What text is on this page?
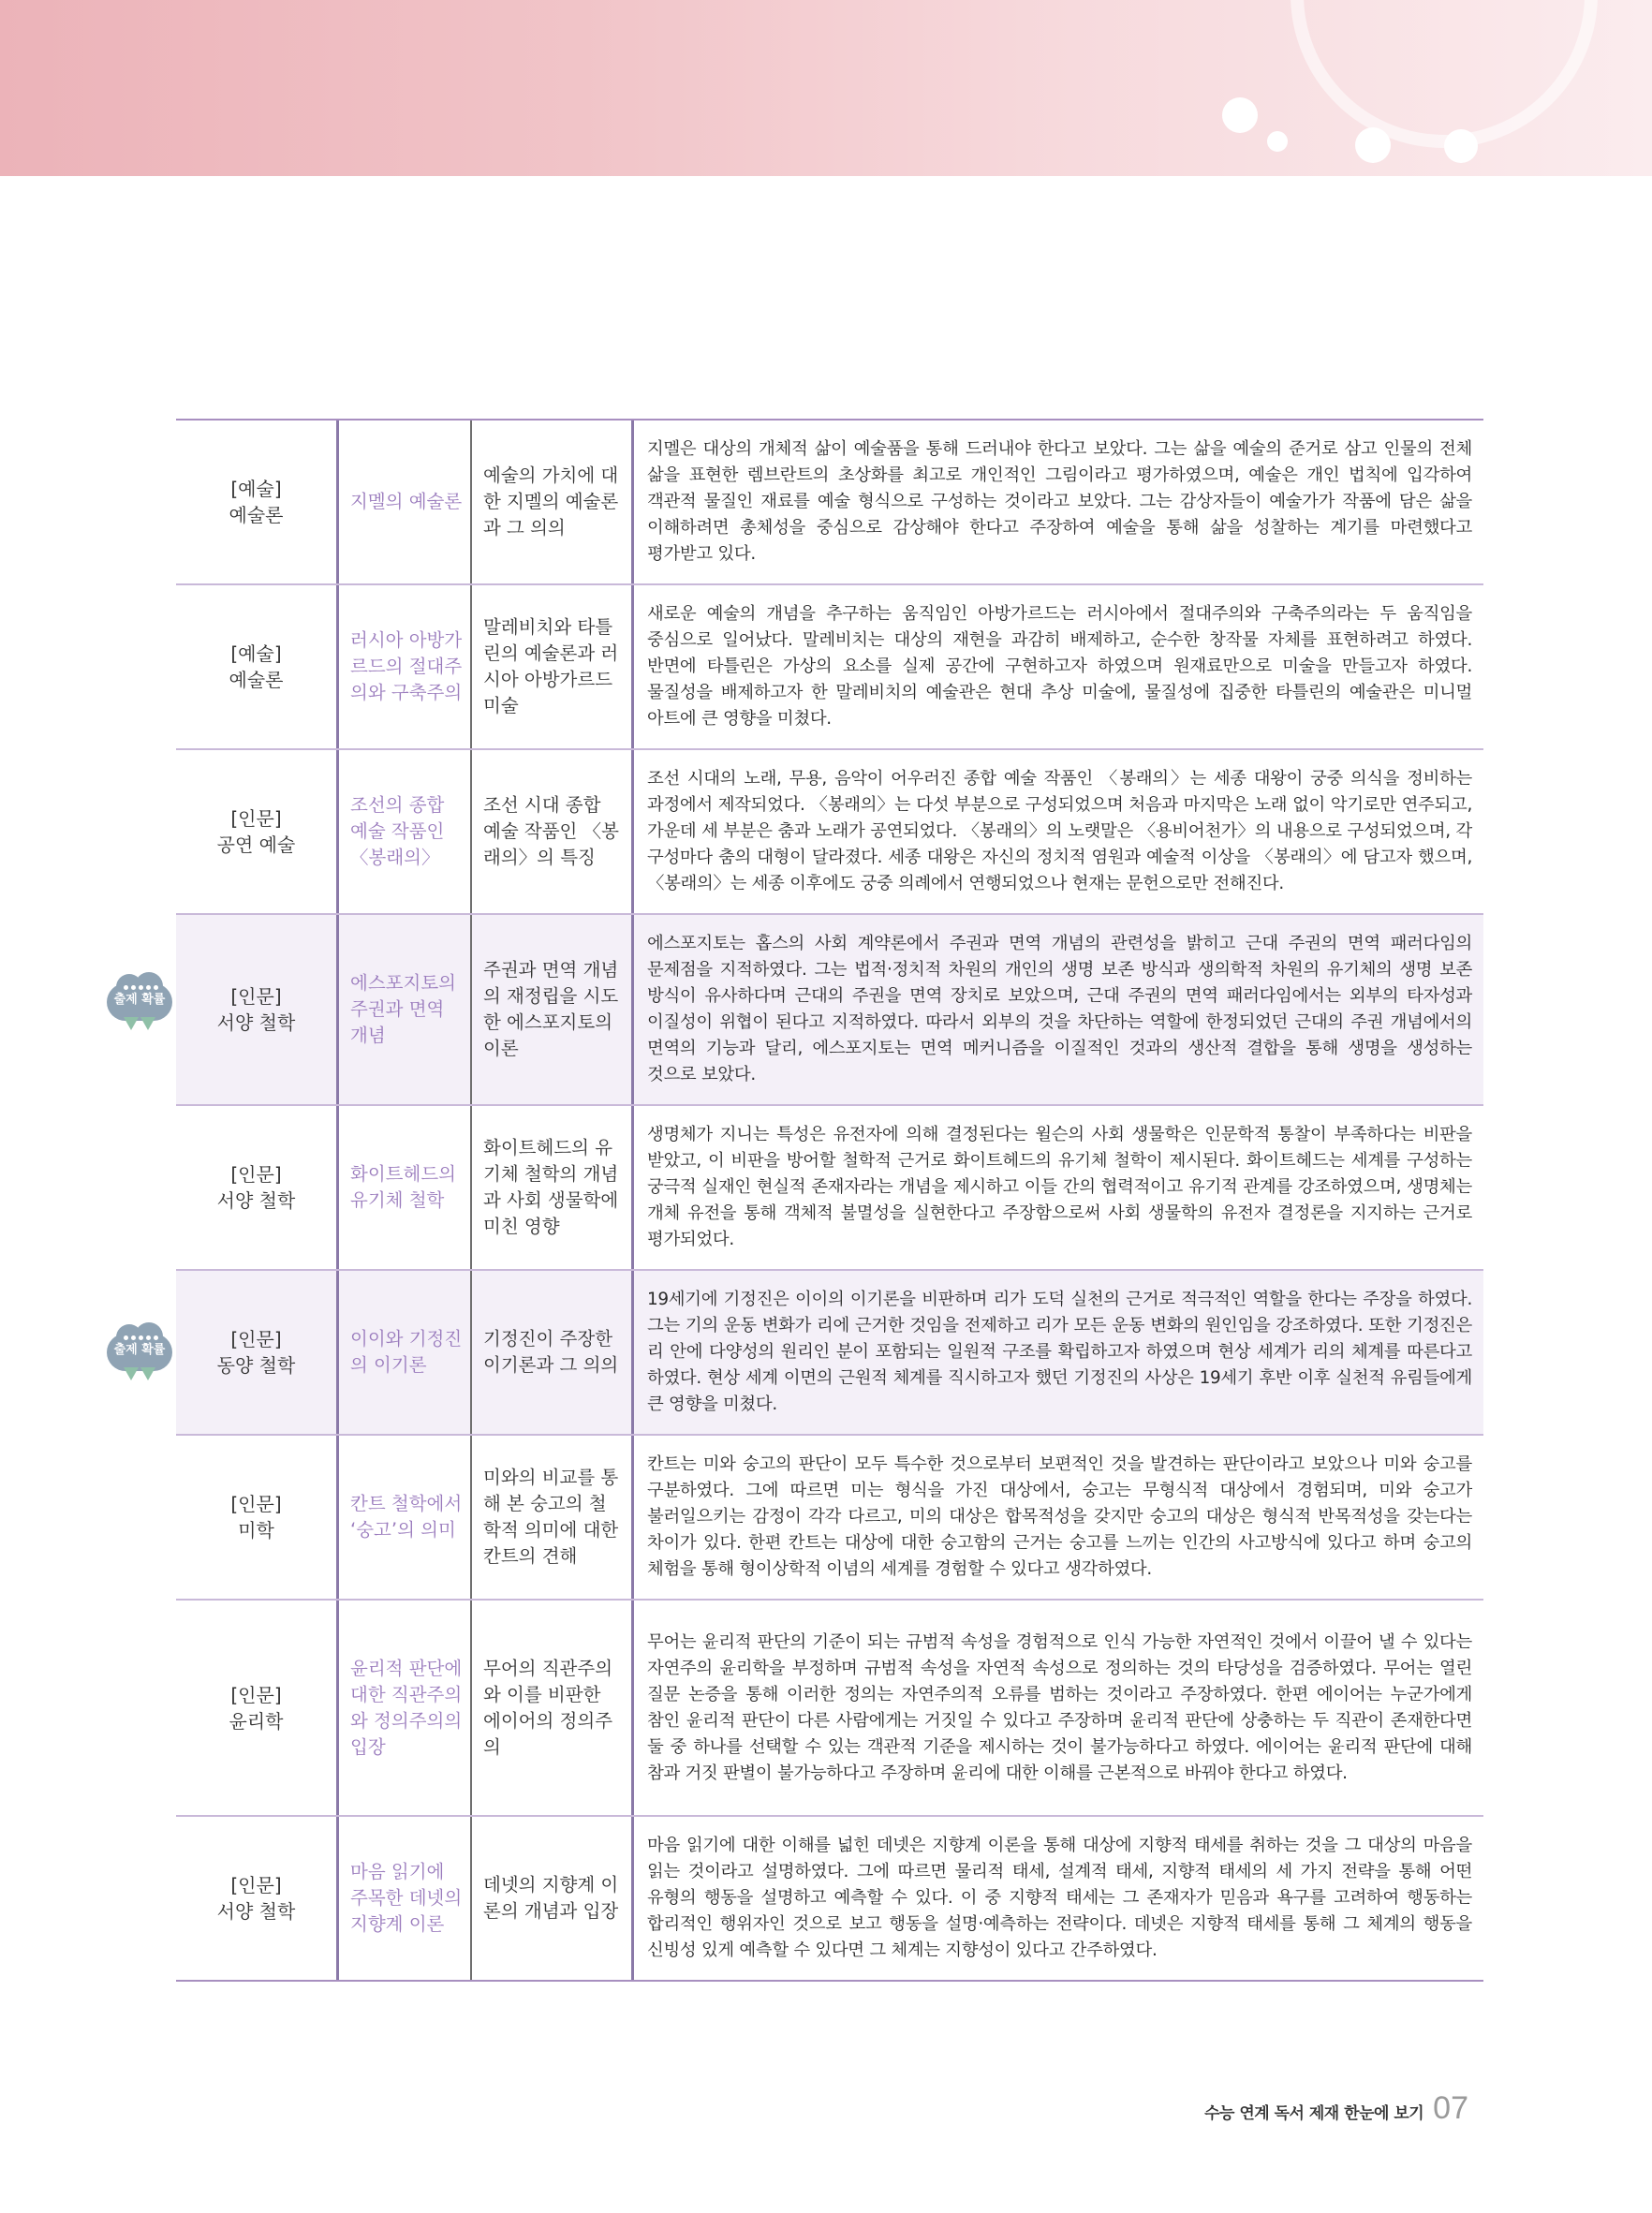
출제 확률
출제 확률
[예술]
예술론
지멜의 예술론
예술의 가치에 대한 지멜의 예술론과 그 의의
지멜은 대상의 개체적 삶이 예술품을 통해 드러내야 한다고 보았다. 그는 삶을 예술의 준거로 삼고 인물의 전체 삶을 표현한 렘브란트의 초상화를 최고로 개인적인 그림이라고 평가하였으며, 예술은 개인 법칙에 입각하여 객관적 물질인 재료를 예술 형식으로 구성하는 것이라고 보았다. 그는 감상자들이 예술가가 작품에 담은 삶을 이해하려면 총체성을 중심으로 감상해야 한다고 주장하여 예술을 통해 삶을 성찰하는 계기를 마련했다고 평가받고 있다.
[예술]
예술론
러시아 아방가르드의 절대주의와 구축주의
말레비치와 타틀린의 예술론과 러시아 아방가르드 미술
새로운 예술의 개념을 추구하는 움직임인 아방가르드는 러시아에서 절대주의와 구축주의라는 두 움직임을 중심으로 일어났다. 말레비치는 대상의 재현을 과감히 배제하고, 순수한 창작물 자체를 표현하려고 하였다. 반면에 타틀린은 가상의 요소를 실제 공간에 구현하고자 하였으며 원재료만으로 미술을 만들고자 하였다. 물질성을 배제하고자 한 말레비치의 예술관은 현대 추상 미술에, 물질성에 집중한 타틀린의 예술관은 미니멀 아트에 큰 영향을 미쳤다.
[인문]
공연 예술
조선의 종합 예술 작품인 〈봉래의〉
조선 시대 종합 예술 작품인 〈봉래의〉의 특징
조선 시대의 노래, 무용, 음악이 어우러진 종합 예술 작품인 〈봉래의〉는 세종 대왕이 궁중 의식을 정비하는 과정에서 제작되었다. 〈봉래의〉는 다섯 부분으로 구성되었으며 처음과 마지막은 노래 없이 악기로만 연주되고, 가운데 세 부분은 춤과 노래가 공연되었다. 〈봉래의〉의 노랫말은 〈용비어천가〉의 내용으로 구성되었으며, 각 구성마다 춤의 대형이 달라졌다. 세종 대왕은 자신의 정치적 염원과 예술적 이상을 〈봉래의〉에 담고자 했으며, 〈봉래의〉는 세종 이후에도 궁중 의례에서 연행되었으나 현재는 문헌으로만 전해진다.
[인문]
서양 철학
에스포지토의 주권과 면역 개념
주권과 면역 개념의 재정립을 시도한 에스포지토의 이론
에스포지토는 홉스의 사회 계약론에서 주권과 면역 개념의 관련성을 밝히고 근대 주권의 면역 패러다임의 문제점을 지적하였다. 그는 법적·정치적 차원의 개인의 생명 보존 방식과 생의학적 차원의 유기체의 생명 보존 방식이 유사하다며 근대의 주권을 면역 장치로 보았으며, 근대 주권의 면역 패러다임에서는 외부의 타자성과 이질성이 위협이 된다고 지적하였다. 따라서 외부의 것을 차단하는 역할에 한정되었던 근대의 주권 개념에서의 면역의 기능과 달리, 에스포지토는 면역 메커니즘을 이질적인 것과의 생산적 결합을 통해 생명을 생성하는 것으로 보았다.
[인문]
서양 철학
화이트헤드의 유기체 철학
화이트헤드의 유기체 철학의 개념과 사회 생물학에 미친 영향
생명체가 지니는 특성은 유전자에 의해 결정된다는 윌슨의 사회 생물학은 인문학적 통찰이 부족하다는 비판을 받았고, 이 비판을 방어할 철학적 근거로 화이트헤드의 유기체 철학이 제시된다. 화이트헤드는 세계를 구성하는 궁극적 실재인 현실적 존재자라는 개념을 제시하고 이들 간의 협력적이고 유기적 관계를 강조하였으며, 생명체는 개체 유전을 통해 객체적 불멸성을 실현한다고 주장함으로써 사회 생물학의 유전자 결정론을 지지하는 근거로 평가되었다.
[인문]
동양 철학
이이와 기정진의 이기론
기정진이 주장한 이기론과 그 의의
19세기에 기정진은 이이의 이기론을 비판하며 리가 도덕 실천의 근거로 적극적인 역할을 한다는 주장을 하였다. 그는 기의 운동 변화가 리에 근거한 것임을 전제하고 리가 모든 운동 변화의 원인임을 강조하였다. 또한 기정진은 리 안에 다양성의 원리인 분이 포함되는 일원적 구조를 확립하고자 하였으며 현상 세계가 리의 체계를 따른다고 하였다. 현상 세계 이면의 근원적 체계를 직시하고자 했던 기정진의 사상은 19세기 후반 이후 실천적 유림들에게 큰 영향을 미쳤다.
[인문]
미학
칸트 철학에서 ‘숭고’의 의미
미와의 비교를 통해 본 숭고의 철학적 의미에 대한 칸트의 견해
칸트는 미와 숭고의 판단이 모두 특수한 것으로부터 보편적인 것을 발견하는 판단이라고 보았으나 미와 숭고를 구분하였다. 그에 따르면 미는 형식을 가진 대상에서, 숭고는 무형식적 대상에서 경험되며, 미와 숭고가 불러일으키는 감정이 각각 다르고, 미의 대상은 합목적성을 갖지만 숭고의 대상은 형식적 반목적성을 갖는다는 차이가 있다. 한편 칸트는 대상에 대한 숭고함의 근거는 숭고를 느끼는 인간의 사고방식에 있다고 하며 숭고의 체험을 통해 형이상학적 이념의 세계를 경험할 수 있다고 생각하였다.
[인문]
윤리학
윤리적 판단에 대한 직관주의와 정의주의의 입장
무어의 직관주의와 이를 비판한 에이어의 정의주의
무어는 윤리적 판단의 기준이 되는 규범적 속성을 경험적으로 인식 가능한 자연적인 것에서 이끌어 낼 수 있다는 자연주의 윤리학을 부정하며 규범적 속성을 자연적 속성으로 정의하는 것의 타당성을 검증하였다. 무어는 열린 질문 논증을 통해 이러한 정의는 자연주의적 오류를 범하는 것이라고 주장하였다. 한편 에이어는 누군가에게 참인 윤리적 판단이 다른 사람에게는 거짓일 수 있다고 주장하며 윤리적 판단에 상충하는 두 직관이 존재한다면 둘 중 하나를 선택할 수 있는 객관적 기준을 제시하는 것이 불가능하다고 하였다. 에이어는 윤리적 판단에 대해 참과 거짓 판별이 불가능하다고 주장하며 윤리에 대한 이해를 근본적으로 바꿔야 한다고 하였다.
[인문]
서양 철학
마음 읽기에 주목한 데넷의 지향계 이론
데넷의 지향계 이론의 개념과 입장
마음 읽기에 대한 이해를 넓힌 데넷은 지향계 이론을 통해 대상에 지향적 태세를 취하는 것을 그 대상의 마음을 읽는 것이라고 설명하였다. 그에 따르면 물리적 태세, 설계적 태세, 지향적 태세의 세 가지 전략을 통해 어떤 유형의 행동을 설명하고 예측할 수 있다. 이 중 지향적 태세는 그 존재자가 믿음과 욕구를 고려하여 행동하는 합리적인 행위자인 것으로 보고 행동을 설명·예측하는 전략이다. 데넷은 지향적 태세를 통해 그 체계의 행동을 신빙성 있게 예측할 수 있다면 그 체계는 지향성이 있다고 간주하였다.
수능 연계 독서 제재 한눈에 보기 07
